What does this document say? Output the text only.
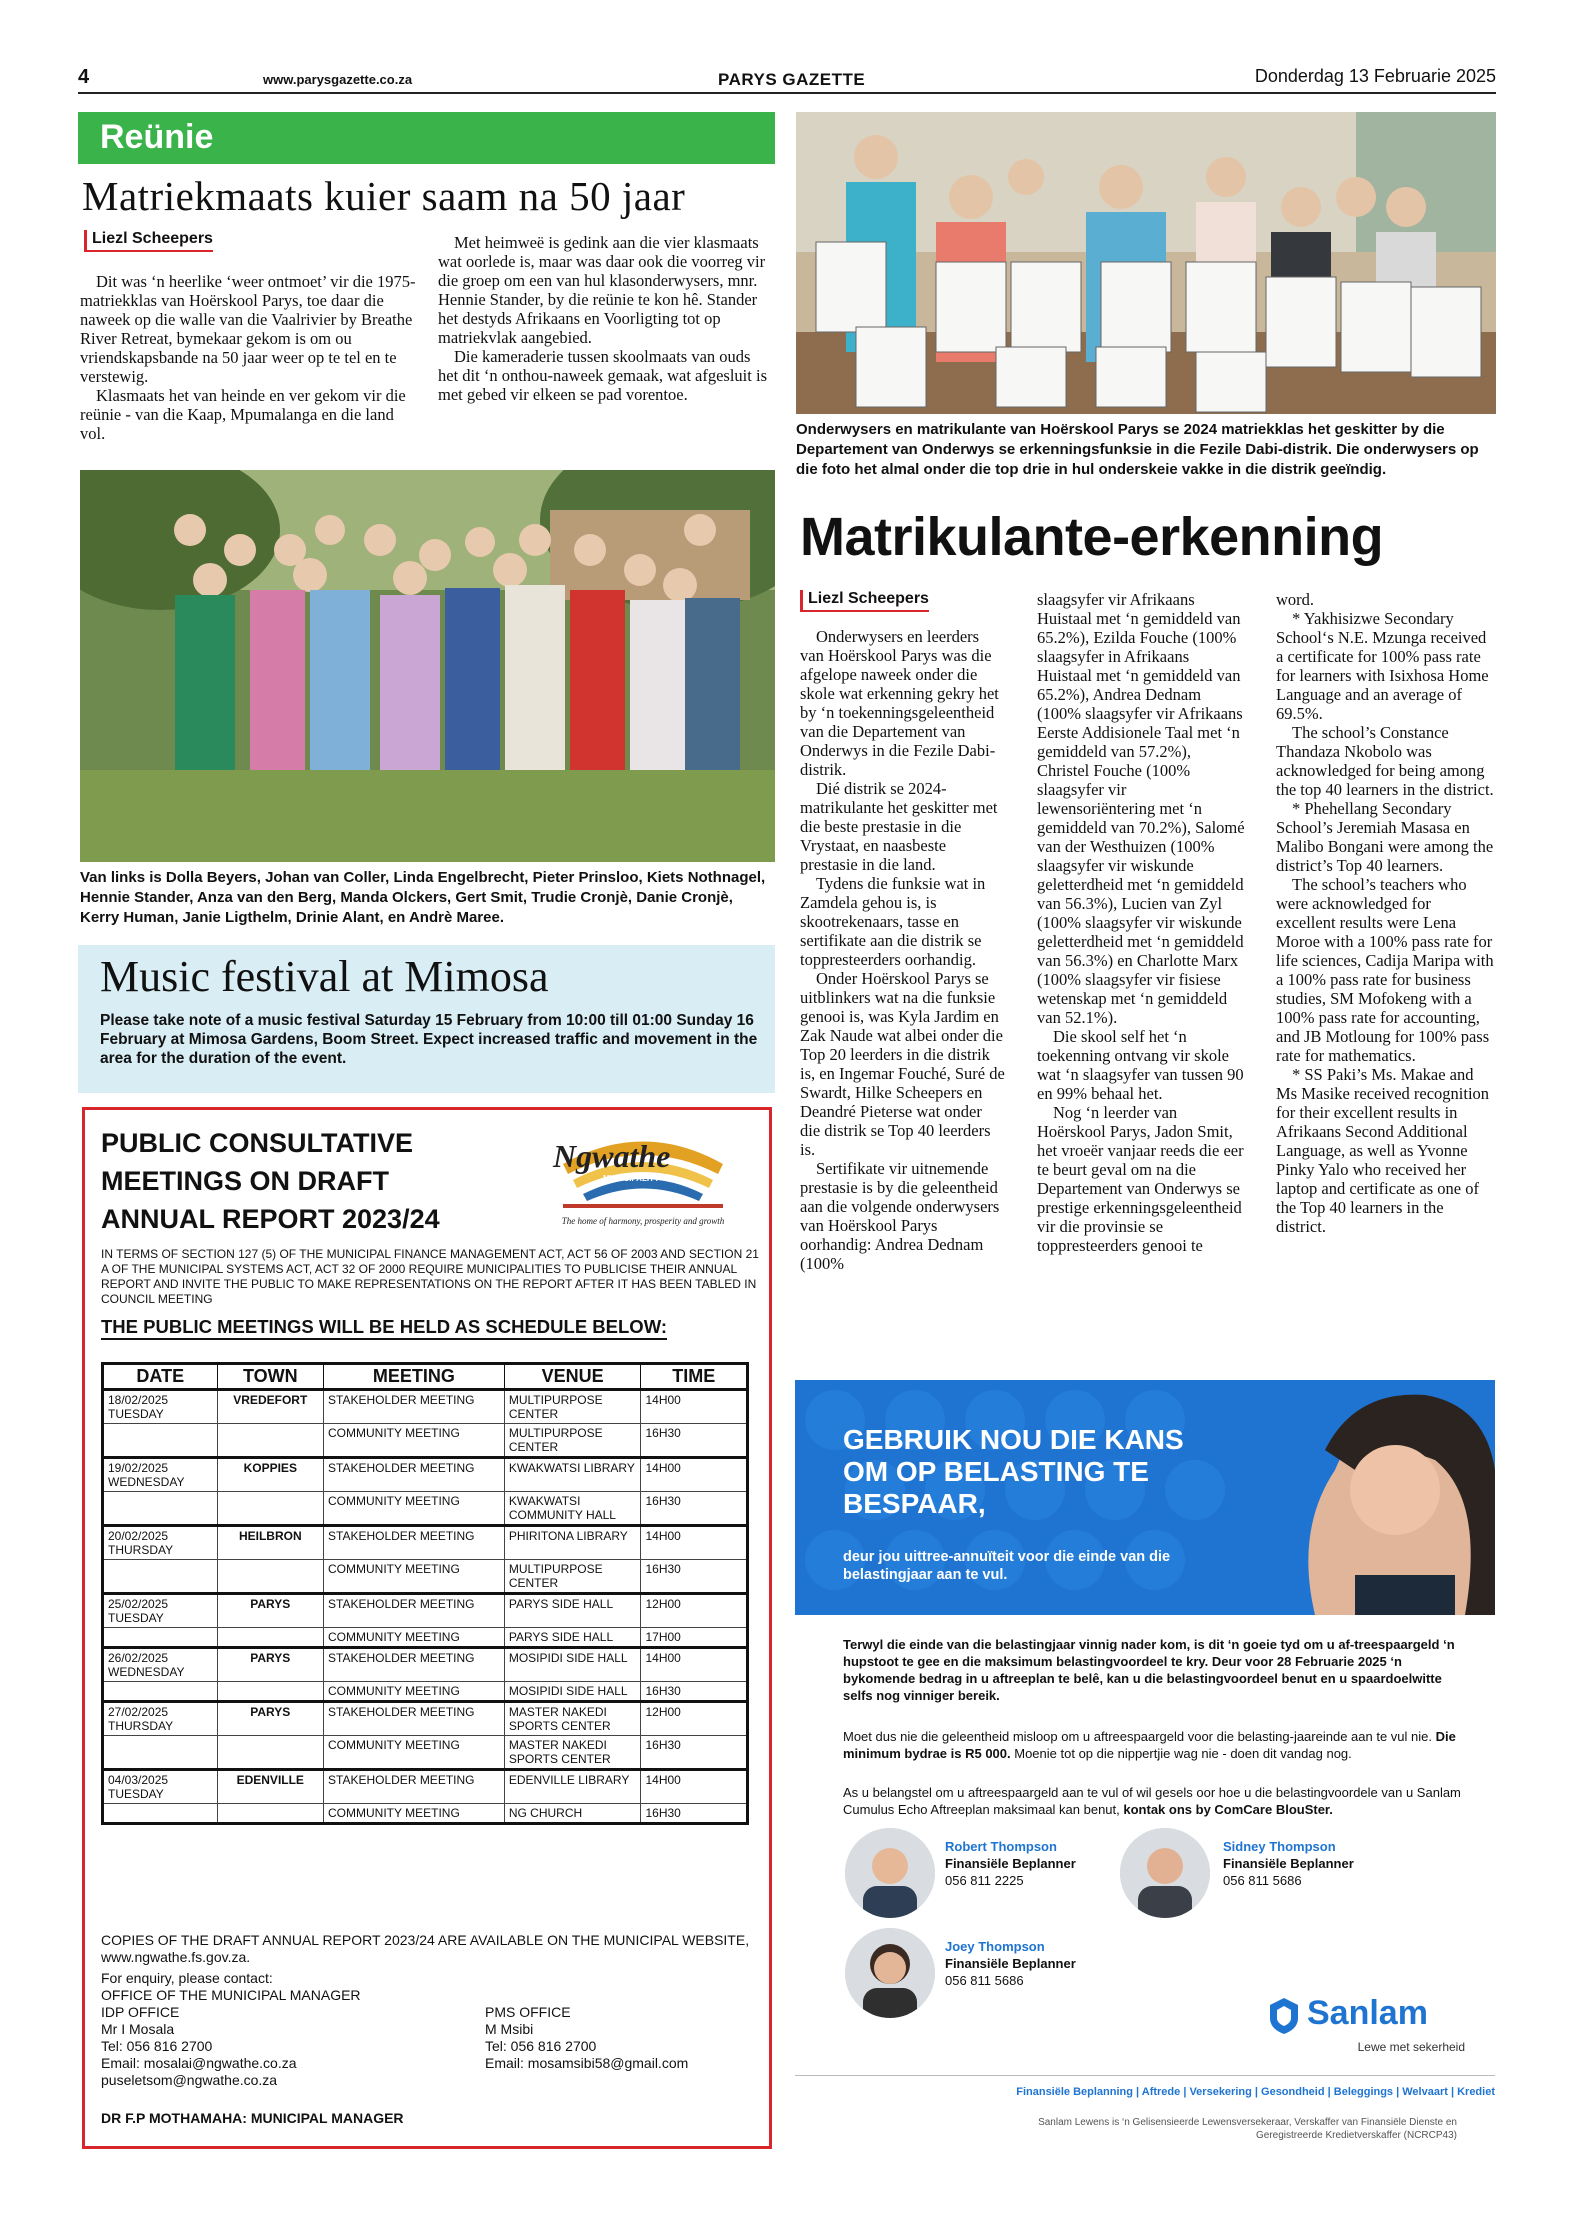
4	www.parysgazette.co.za	PARYS GAZETTE	Donderdag 13 Februarie 2025
Reünie
Matriekmaats kuier saam na 50 jaar
Liezl Scheepers

Dit was ‘n heerlike ‘weer ontmoet’ vir die 1975-matriekklas van Hoërskool Parys, toe daar die naweek op die walle van die Vaalrivier by Breathe River Retreat, bymekaar gekom is om ou vriendskapsbande na 50 jaar weer op te tel en te verstewig.

Klasmaats het van heinde en ver gekom vir die reünie - van die Kaap, Mpumalanga en die land vol.

Met heimweë is gedink aan die vier klasmaats wat oorlede is, maar was daar ook die voorreg vir die groep om een van hul klasonderwysers, mnr. Hennie Stander, by die reünie te kon hê. Stander het destyds Afrikaans en Voorligting tot op matriekvlak aangebied.

Die kameraderie tussen skoolmaats van ouds het dit ‘n onthou-naweek gemaak, wat afgesluit is met gebed vir elkeen se pad vorentoe.

Van links is Dolla Beyers, Johan van Coller, Linda Engelbrecht, Pieter Prinsloo, Kiets Nothnagel, Hennie Stander, Anza van den Berg, Manda Olckers, Gert Smit, Trudie Cronjè, Danie Cronjè, Kerry Human, Janie Ligthelm, Drinie Alant, en Andrè Maree.

Music festival at Mimosa

Please take note of a music festival Saturday 15 February from 10:00 till 01:00 Sunday 16 February at Mimosa Gardens, Boom Street. Expect increased traffic and movement in the area for the duration of the event.

PUBLIC CONSULTATIVE MEETINGS ON DRAFT ANNUAL REPORT 2023/24
Ngwathe
MUNICIPALITY
The home of harmony, prosperity and growth
IN TERMS OF SECTION 127 (5) OF THE MUNICIPAL FINANCE MANAGEMENT ACT, ACT 56 OF 2003 AND SECTION 21 A OF THE MUNICIPAL SYSTEMS ACT, ACT 32 OF 2000 REQUIRE MUNICIPALITIES TO PUBLICISE THEIR ANNUAL REPORT AND INVITE THE PUBLIC TO MAKE REPRESENTATIONS ON THE REPORT AFTER IT HAS BEEN TABLED IN COUNCIL MEETING
THE PUBLIC MEETINGS WILL BE HELD AS SCHEDULE BELOW:
DATE	TOWN	MEETING	VENUE	TIME
18/02/2025
TUESDAY	VREDEFORT	STAKEHOLDER MEETING	MULTIPURPOSE CENTER	14H00
		COMMUNITY MEETING	MULTIPURPOSE CENTER	16H30
19/02/2025
WEDNESDAY	KOPPIES	STAKEHOLDER MEETING	KWAKWATSI LIBRARY	14H00
		COMMUNITY MEETING	KWAKWATSI COMMUNITY HALL	16H30
20/02/2025
THURSDAY	HEILBRON	STAKEHOLDER MEETING	PHIRITONA LIBRARY	14H00
		COMMUNITY MEETING	MULTIPURPOSE CENTER	16H30
25/02/2025
TUESDAY	PARYS	STAKEHOLDER MEETING	PARYS SIDE HALL	12H00
		COMMUNITY MEETING	PARYS SIDE HALL	17H00
26/02/2025
WEDNESDAY	PARYS	STAKEHOLDER MEETING	MOSIPIDI SIDE HALL	14H00
		COMMUNITY MEETING	MOSIPIDI SIDE HALL	16H30
27/02/2025
THURSDAY	PARYS	STAKEHOLDER MEETING	MASTER NAKEDI SPORTS CENTER	12H00
		COMMUNITY MEETING	MASTER NAKEDI SPORTS CENTER	16H30
04/03/2025
TUESDAY	EDENVILLE	STAKEHOLDER MEETING	EDENVILLE LIBRARY	14H00
		COMMUNITY MEETING	NG CHURCH	16H30
COPIES OF THE DRAFT ANNUAL REPORT 2023/24 ARE AVAILABLE ON THE MUNICIPAL WEBSITE, www.ngwathe.fs.gov.za.
For enquiry, please contact:
OFFICE OF THE MUNICIPAL MANAGER
IDP OFFICE
Mr I Mosala
Tel: 056 816 2700
Email: mosalai@ngwathe.co.za
puseletsom@ngwathe.co.za
PMS OFFICE
M Msibi
Tel: 056 816 2700
Email: mosamsibi58@gmail.com
DR F.P MOTHAMAHA: MUNICIPAL MANAGER

Onderwysers en matrikulante van Hoërskool Parys se 2024 matriekklas het geskitter by die Departement van Onderwys se erkenningsfunksie in die Fezile Dabi-distrik. Die onderwysers op die foto het almal onder die top drie in hul onderskeie vakke in die distrik geeïndig.

Matrikulante-erkenning
Liezl Scheepers

Onderwysers en leerders van Hoërskool Parys was die afgelope naweek onder die skole wat erkenning gekry het by ‘n toekenningsgeleentheid van die Departement van Onderwys in die Fezile Dabi-distrik.

Dié distrik se 2024-matrikulante het geskitter met die beste prestasie in die Vrystaat, en naasbeste prestasie in die land.

Tydens die funksie wat in Zamdela gehou is, is skootrekenaars, tasse en sertifikate aan die distrik se toppresteerders oorhandig.

Onder Hoërskool Parys se uitblinkers wat na die funksie genooi is, was Kyla Jardim en Zak Naude wat albei onder die Top 20 leerders in die distrik is, en Ingemar Fouché, Suré de Swardt, Hilke Scheepers en Deandré Pieterse wat onder die distrik se Top 40 leerders is.

Sertifikate vir uitnemende prestasie is by die geleentheid aan die volgende onderwysers van Hoërskool Parys oorhandig: Andrea Dednam (100%

slaagsyfer vir Afrikaans Huistaal met ‘n gemiddeld van 65.2%), Ezilda Fouche (100% slaagsyfer in Afrikaans Huistaal met ‘n gemiddeld van 65.2%), Andrea Dednam (100% slaagsyfer vir Afrikaans Eerste Addisionele Taal met ‘n gemiddeld van 57.2%), Christel Fouche (100% slaagsyfer vir lewensoriëntering met ‘n gemiddeld van 70.2%), Salomé van der Westhuizen (100% slaagsyfer vir wiskunde geletterdheid met ‘n gemiddeld van 56.3%), Lucien van Zyl (100% slaagsyfer vir wiskunde geletterdheid met ‘n gemiddeld van 56.3%) en Charlotte Marx (100% slaagsyfer vir fisiese wetenskap met ‘n gemiddeld van 52.1%).

Die skool self het ‘n toekenning ontvang vir skole wat ‘n slaagsyfer van tussen 90 en 99% behaal het.

Nog ‘n leerder van Hoërskool Parys, Jadon Smit, het vroeër vanjaar reeds die eer te beurt geval om na die Departement van Onderwys se prestige erkenningsgeleentheid vir die provinsie se toppresteerders genooi te

word.

* Yakhisizwe Secondary School‘s N.E. Mzunga received a certificate for 100% pass rate for learners with Isixhosa Home Language and an average of 69.5%.

The school’s Constance Thandaza Nkobolo was acknowledged for being among the top 40 learners in the district.

* Phehellang Secondary School’s Jeremiah Masasa en Malibo Bongani were among the district’s Top 40 learners.

The school’s teachers who were acknowledged for excellent results were Lena Moroe with a 100% pass rate for life sciences, Cadija Maripa with a 100% pass rate for business studies, SM Mofokeng with a 100% pass rate for accounting, and JB Motloung for 100% pass rate for mathematics.

* SS Paki’s Ms. Makae and Ms Masike received recognition for their excellent results in Afrikaans Second Additional Language, as well as Yvonne Pinky Yalo who received her laptop and certificate as one of the Top 40 learners in the district.

GEBRUIK NOU DIE KANS OM OP BELASTING TE BESPAAR,
deur jou uittree-annuïteit voor die einde van die belastingjaar aan te vul.
Terwyl die einde van die belastingjaar vinnig nader kom, is dit ‘n goeie tyd om u af-treespaargeld ‘n hupstoot te gee en die maksimum belastingvoordeel te kry. Deur voor 28 Februarie 2025 ‘n bykomende bedrag in u aftreeplan te belê, kan u die belastingvoordeel benut en u spaardoelwitte selfs nog vinniger bereik.
Moet dus nie die geleentheid misloop om u aftreespaargeld voor die belasting-jaareinde aan te vul nie. Die minimum bydrae is R5 000. Moenie tot op die nippertjie wag nie - doen dit vandag nog.
As u belangstel om u aftreespaargeld aan te vul of wil gesels oor hoe u die belastingvoordele van u Sanlam Cumulus Echo Aftreeplan maksimaal kan benut, kontak ons by ComCare BlouSter.
Robert Thompson
Finansiële Beplanner
056 811 2225
Sidney Thompson
Finansiële Beplanner
056 811 5686
Joey Thompson
Finansiële Beplanner
056 811 5686
Sanlam
Lewe met sekerheid
Finansiële Beplanning | Aftrede | Versekering | Gesondheid | Beleggings | Welvaart | Krediet
Sanlam Lewens is ‘n Gelisensieerde Lewensversekeraar, Verskaffer van Finansiële Dienste en Geregistreerde Kredietverskaffer (NCRCP43)
